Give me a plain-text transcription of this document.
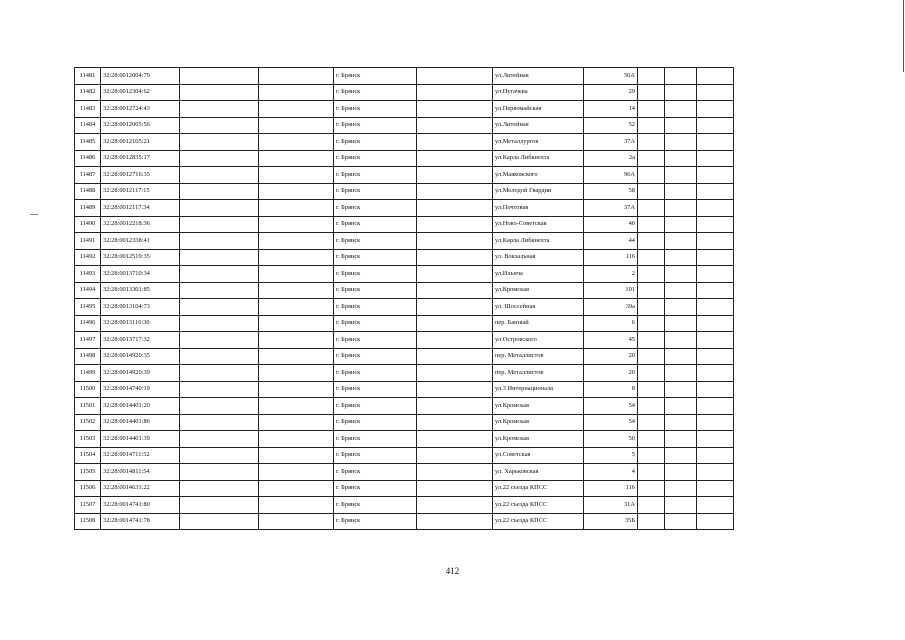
11481	32:28:0012004:79			г. Брянск		ул.Литейная	56А			
11482	32:28:0012304:62			г. Брянск		ул.Пугачева	29			
11483	32:28:0012724:43			г. Брянск		ул.Первомайская	14			
11484	32:28:0012005:56			г. Брянск		ул.Литейная	52			
11485	32:28:0012105:21			г. Брянск		ул.Металлургов	37А			
11486	32:28:0012835:17			г. Брянск		ул.Карла Либкнехта	2а			
11487	32:28:0012716:35			г. Брянск		ул.Маяковского	96А			
11488	32:28:0012117:15			г. Брянск		ул.Молодой Гвардии	58			
11489	32:28:0012117:34			г. Брянск		ул.Почтовая	37А			
11490	32:28:0012218:36			г. Брянск		ул.Ново-Советская	40			
11491	32:28:0012338:41			г. Брянск		ул.Карла Либкнехта	44			
11492	32:28:0012519:35			г. Брянск		ул. Вокзальная	116			
11493	32:28:0013710:34			г. Брянск		ул.Ильича	2			
11494	32:28:0013301:85			г. Брянск		ул.Кромская	101			
11495	32:28:0013104:73			г. Брянск		ул. Шоссейная	39а			
11496	32:28:0013116:30			г. Брянск		пер. Банный	6			
11497	32:28:0013717:32			г. Брянск		ул.Островского	45			
11498	32:28:0014920:35			г. Брянск		пер. Металлистов	20			
11499	32:28:0014920:39			г. Брянск		пер. Металлистов	20			
11500	32:28:0014740:19			г. Брянск		ул.3 Интернационала	8			
11501	32:28:0014401:20			г. Брянск		ул.Кромская	54			
11502	32:28:0014401:86			г. Брянск		ул.Кромская	54			
11503	32:28:0014401:39			г. Брянск		ул.Кромская	50			
11504	32:28:0014711:52			г. Брянск		ул.Советская	5			
11505	32:28:0014811:54			г. Брянск		ул. Харьковская	4			
11506	32:28:0014631:22			г. Брянск		ул.22 съезда КПСС	116			
11507	32:28:0014741:80			г. Брянск		ул.22 съезда КПСС	31А			
11508	32:28:0014741:78			г. Брянск		ул.22 съезда КПСС	35Б			
412
